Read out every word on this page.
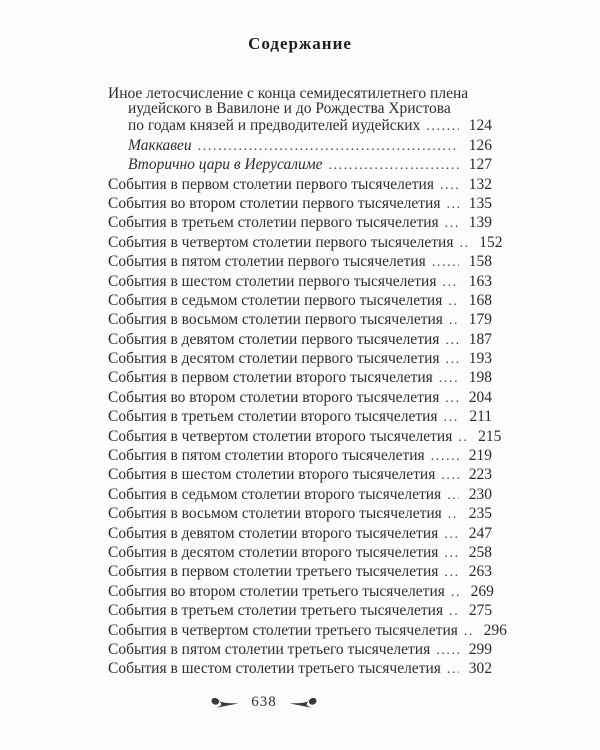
Содержание
Иное летосчисление с конца семидесятилетнего плена
иудейского в Вавилоне и до Рождества Христова
по годам князей и предводителей иудейских .....	124
Маккавеи .....	126
Вторично цари в Иерусалиме .....	127
События в первом столетии первого тысячелетия .....	132
События во втором столетии первого тысячелетия .....	135
События в третьем столетии первого тысячелетия .....	139
События в четвертом столетии первого тысячелетия .....	152
События в пятом столетии первого тысячелетия .....	158
События в шестом столетии первого тысячелетия .....	163
События в седьмом столетии первого тысячелетия .....	168
События в восьмом столетии первого тысячелетия .....	179
События в девятом столетии первого тысячелетия .....	187
События в десятом столетии первого тысячелетия .....	193
События в первом столетии второго тысячелетия .....	198
События во втором столетии второго тысячелетия .....	204
События в третьем столетии второго тысячелетия .....	211
События в четвертом столетии второго тысячелетия .....	215
События в пятом столетии второго тысячелетия .....	219
События в шестом столетии второго тысячелетия .....	223
События в седьмом столетии второго тысячелетия .....	230
События в восьмом столетии второго тысячелетия .....	235
События в девятом столетии второго тысячелетия .....	247
События в десятом столетии второго тысячелетия .....	258
События в первом столетии третьего тысячелетия .....	263
События во втором столетии третьего тысячелетия .....	269
События в третьем столетии третьего тысячелетия .....	275
События в четвертом столетии третьего тысячелетия .....	296
События в пятом столетии третьего тысячелетия .....	299
События в шестом столетии третьего тысячелетия .....	302
638
